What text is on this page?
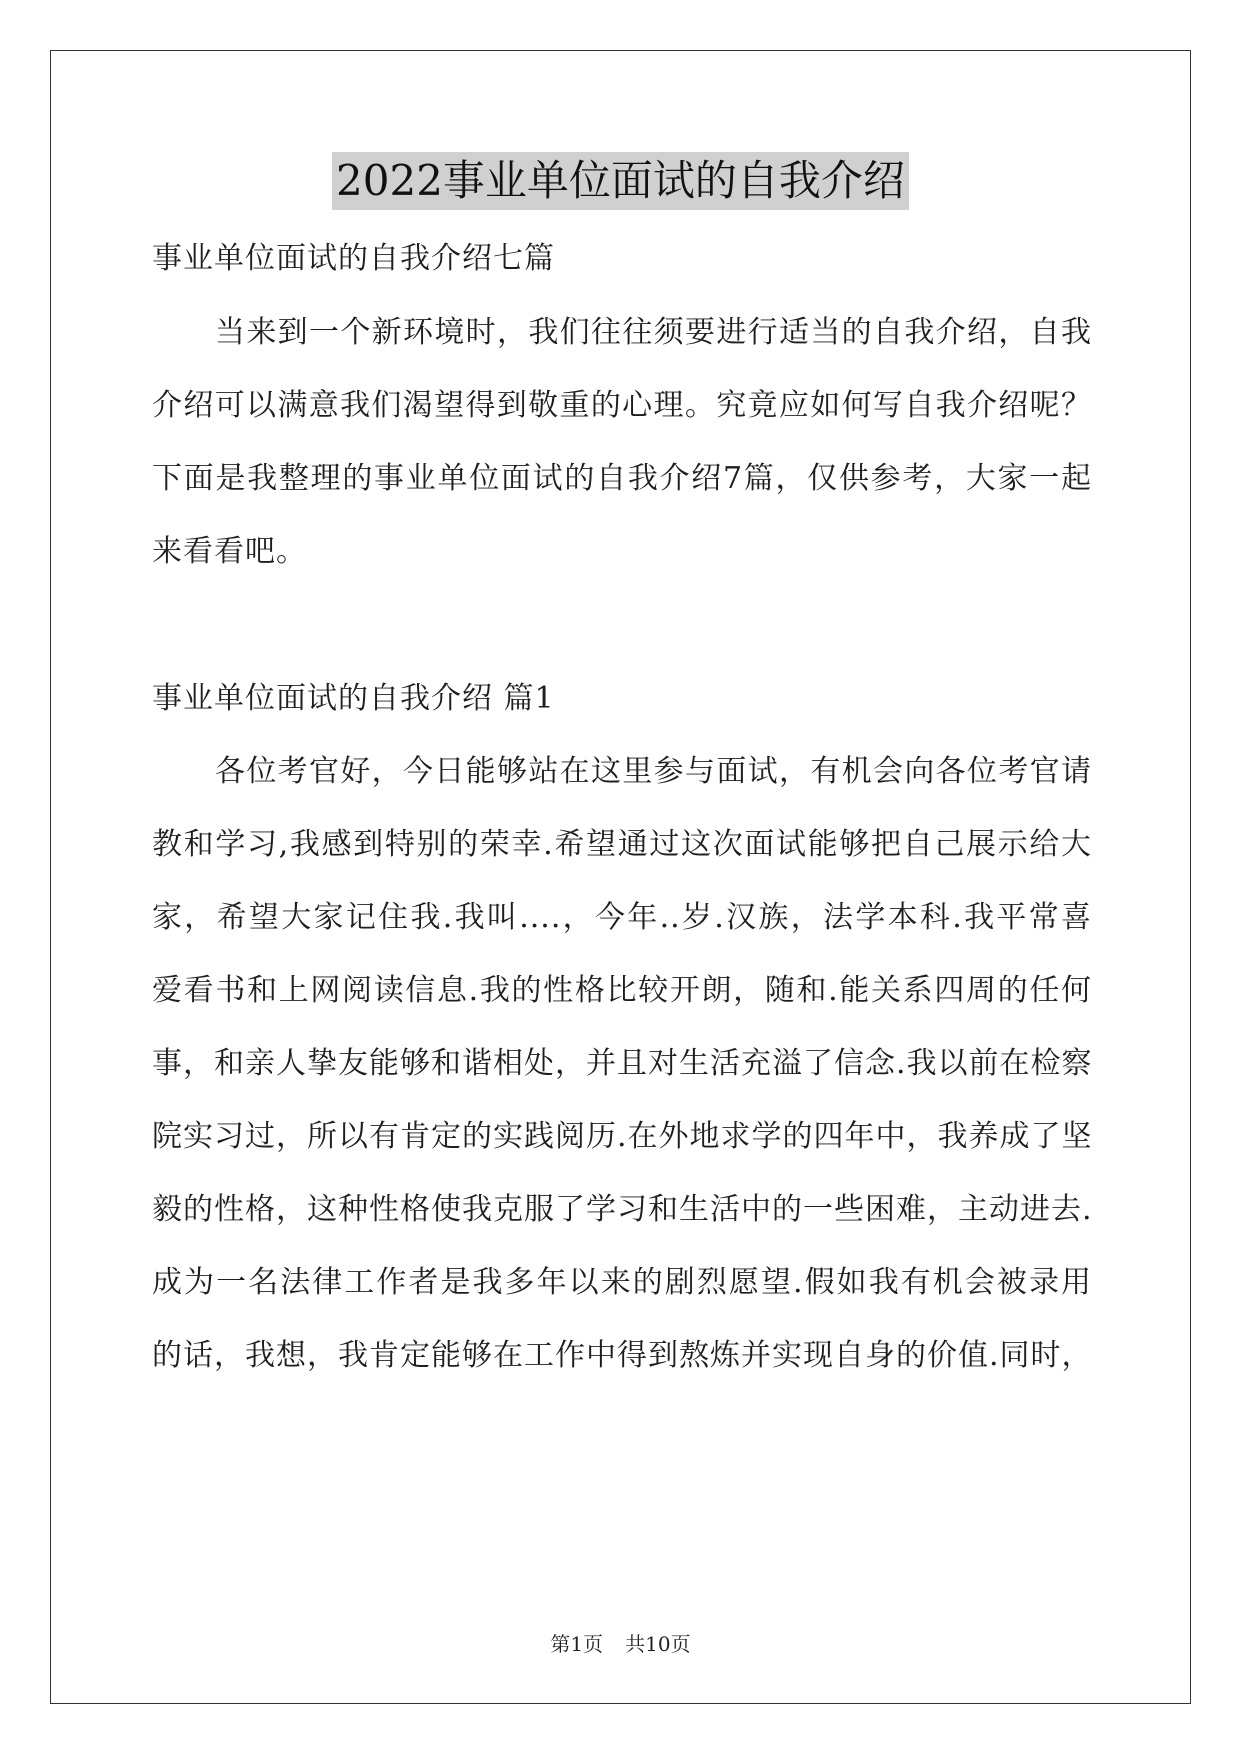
2022事业单位面试的自我介绍
事业单位面试的自我介绍七篇
当来到一个新环境时，我们往往须要进行适当的自我介绍，自我
介绍可以满意我们渴望得到敬重的心理。究竟应如何写自我介绍呢？
下面是我整理的事业单位面试的自我介绍7篇，仅供参考，大家一起
来看看吧。
事业单位面试的自我介绍 篇1
各位考官好，今日能够站在这里参与面试，有机会向各位考官请
教和学习,我感到特别的荣幸.希望通过这次面试能够把自己展示给大
家，希望大家记住我.我叫....，今年..岁.汉族，法学本科.我平常喜
爱看书和上网阅读信息.我的性格比较开朗，随和.能关系四周的任何
事，和亲人挚友能够和谐相处，并且对生活充溢了信念.我以前在检察
院实习过，所以有肯定的实践阅历.在外地求学的四年中，我养成了坚
毅的性格，这种性格使我克服了学习和生活中的一些困难，主动进去.
成为一名法律工作者是我多年以来的剧烈愿望.假如我有机会被录用
的话，我想，我肯定能够在工作中得到熬炼并实现自身的价值.同时，
第1页 共10页
